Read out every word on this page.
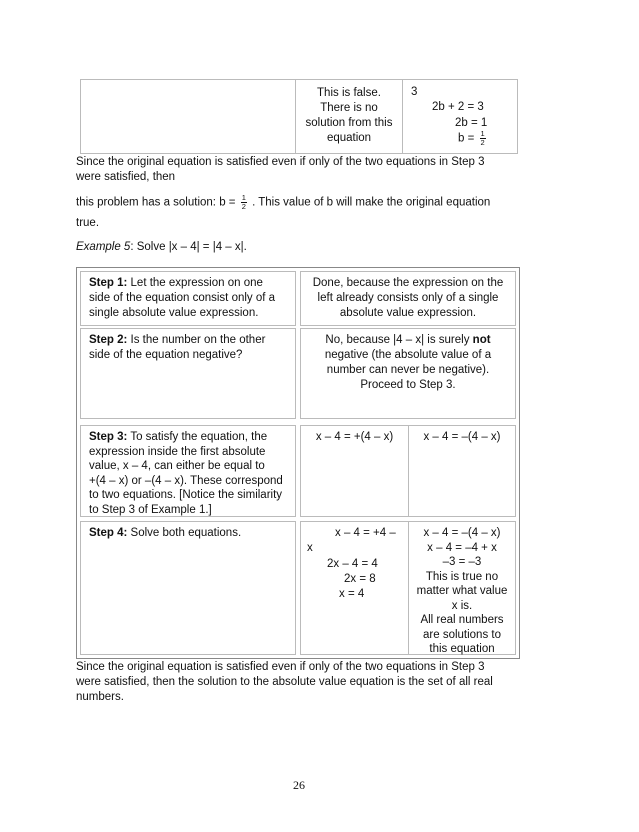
This is false.
There is no
solution from this
equation
3
2b + 2 = 3
2b = 1
$b = \frac{1}{2}$
Since the original equation is satisfied even if only of the two equations in Step 3
were satisfied, then
this problem has a solution: $b = \frac{1}{2}$ . This value of b will make the original equation
true.
Example 5: Solve |x – 4| = |4 – x|.
Step 1: Let the expression on one
side of the equation consist only of a
single absolute value expression.
Done, because the expression on the
left already consists only of a single
absolute value expression.
Step 2: Is the number on the other
side of the equation negative?
No, because |4 – x| is surely not
negative (the absolute value of a
number can never be negative).
Proceed to Step 3.
Step 3: To satisfy the equation, the
expression inside the first absolute
value, x – 4, can either be equal to
+(4 – x) or –(4 – x). These correspond
to two equations. [Notice the similarity
to Step 3 of Example 1.]
x – 4 = +(4 – x)	x – 4 = –(4 – x)
Step 4: Solve both equations.	x – 4 = +4 –
x
2x – 4 = 4
2x = 8
x = 4
x – 4 = –(4 – x)
x – 4 = –4 + x
–3 = –3
This is true no
matter what value
x is.
All real numbers
are solutions to
this equation
Since the original equation is satisfied even if only of the two equations in Step 3
were satisfied, then the solution to the absolute value equation is the set of all real
numbers.
26
